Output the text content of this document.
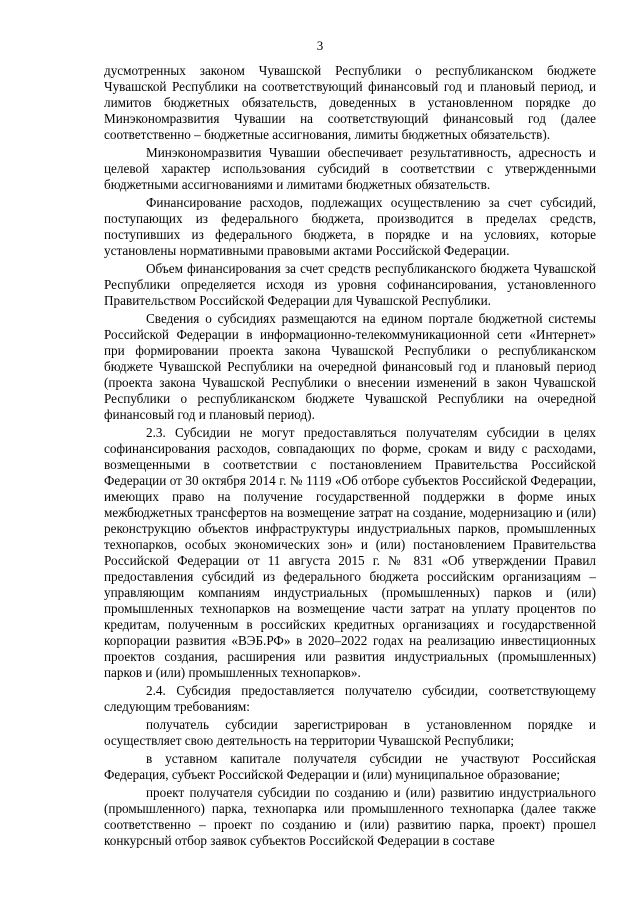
3

дусмотренных законом Чувашской Республики о республиканском бюджете Чувашской Республики на соответствующий финансовый год и плановый период, и лимитов бюджетных обязательств, доведенных в установленном порядке до Минэкономразвития Чувашии на соответствующий финансовый год (далее соответственно – бюджетные ассигнования, лимиты бюджетных обязательств).

Минэкономразвития Чувашии обеспечивает результативность, адресность и целевой характер использования субсидий в соответствии с утвержденными бюджетными ассигнованиями и лимитами бюджетных обязательств.

Финансирование расходов, подлежащих осуществлению за счет субсидий, поступающих из федерального бюджета, производится в пределах средств, поступивших из федерального бюджета, в порядке и на условиях, которые установлены нормативными правовыми актами Российской Федерации.

Объем финансирования за счет средств республиканского бюджета Чувашской Республики определяется исходя из уровня софинансирования, установленного Правительством Российской Федерации для Чувашской Республики.

Сведения о субсидиях размещаются на едином портале бюджетной системы Российской Федерации в информационно-телекоммуникационной сети «Интернет» при формировании проекта закона Чувашской Республики о республиканском бюджете Чувашской Республики на очередной финансовый год и плановый период (проекта закона Чувашской Республики о внесении изменений в закон Чувашской Республики о республиканском бюджете Чувашской Республики на очередной финансовый год и плановый период).

2.3. Субсидии не могут предоставляться получателям субсидии в целях софинансирования расходов, совпадающих по форме, срокам и виду с расходами, возмещенными в соответствии с постановлением Правительства Российской Федерации от 30 октября 2014 г. № 1119 «Об отборе субъектов Российской Федерации, имеющих право на получение государственной поддержки в форме иных межбюджетных трансфертов на возмещение затрат на создание, модернизацию и (или) реконструкцию объектов инфраструктуры индустриальных парков, промышленных технопарков, особых экономических зон» и (или) постановлением Правительства Российской Федерации от 11 августа 2015 г. № 831 «Об утверждении Правил предоставления субсидий из федерального бюджета российским организациям – управляющим компаниям индустриальных (промышленных) парков и (или) промышленных технопарков на возмещение части затрат на уплату процентов по кредитам, полученным в российских кредитных организациях и государственной корпорации развития «ВЭБ.РФ» в 2020–2022 годах на реализацию инвестиционных проектов создания, расширения или развития индустриальных (промышленных) парков и (или) промышленных технопарков».

2.4. Субсидия предоставляется получателю субсидии, соответствующему следующим требованиям:

получатель субсидии зарегистрирован в установленном порядке и осуществляет свою деятельность на территории Чувашской Республики;

в уставном капитале получателя субсидии не участвуют Российская Федерация, субъект Российской Федерации и (или) муниципальное образование;

проект получателя субсидии по созданию и (или) развитию индустриального (промышленного) парка, технопарка или промышленного технопарка (далее также соответственно – проект по созданию и (или) развитию парка, проект) прошел конкурсный отбор заявок субъектов Российской Федерации в составе
